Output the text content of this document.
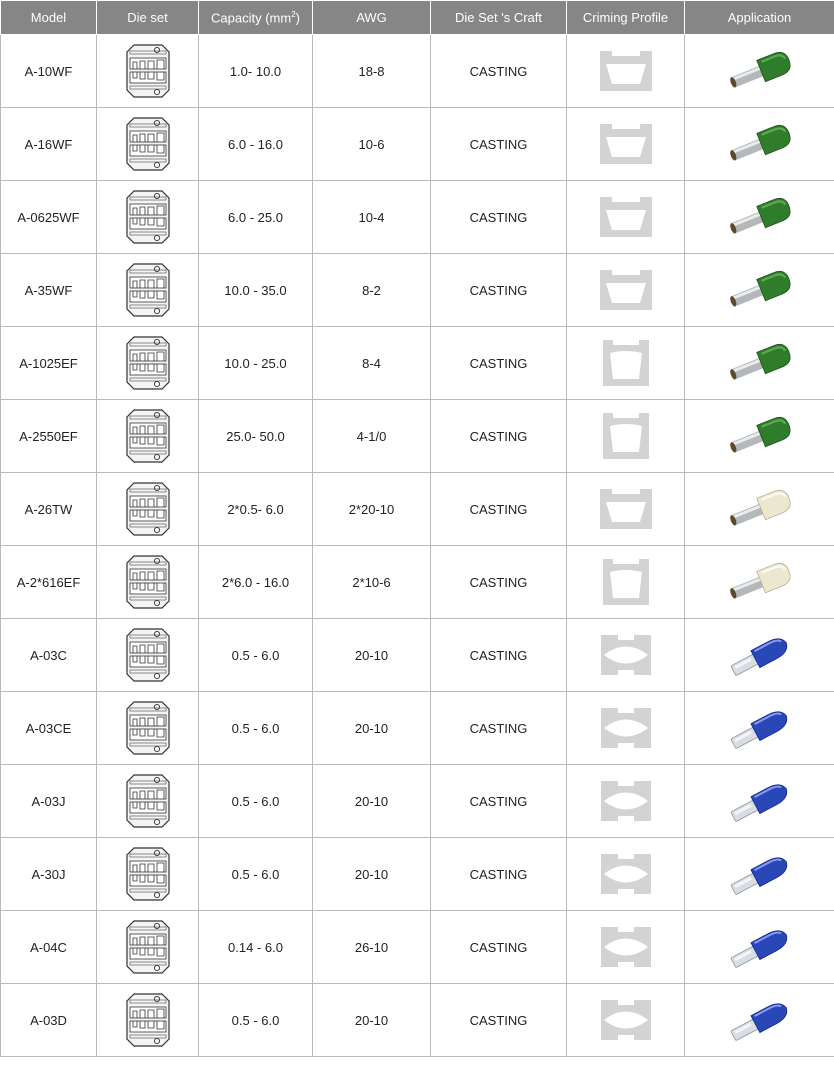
Model	Die set	Capacity $(mm^2)$	AWG	Die Set 's Craft	Criming Profile	Application
A-10WF		1.0- 10.0	18-8	CASTING	

A-16WF		6.0 - 16.0	10-6	CASTING	

A-0625WF		6.0 - 25.0	10-4	CASTING	

A-35WF		10.0 - 35.0	8-2	CASTING	

A-1025EF		10.0 - 25.0	8-4	CASTING	

A-2550EF		25.0- 50.0	4-1/0	CASTING	

A-26TW		2*0.5- 6.0	2*20-10	CASTING	

A-2*616EF		2*6.0 - 16.0	2*10-6	CASTING	

A-03C		0.5 - 6.0	20-10	CASTING	

A-03CE		0.5 - 6.0	20-10	CASTING	

A-03J		0.5 - 6.0	20-10	CASTING	

A-30J		0.5 - 6.0	20-10	CASTING	

A-04C		0.14 - 6.0	26-10	CASTING	

A-03D		0.5 - 6.0	20-10	CASTING	
